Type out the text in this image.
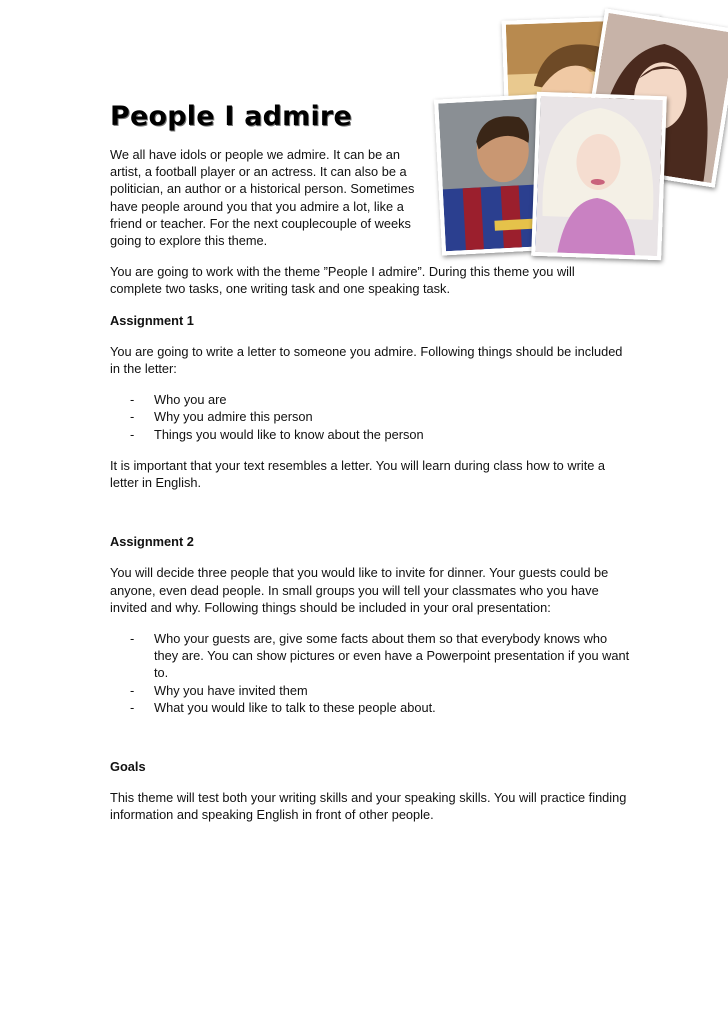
People I admire

We all have idols or people we admire. It can be an artist, a football player or an actress. It can also be a politician, an author or a historical person. Sometimes have people around you that you admire a lot, like a friend or teacher. For the next couplecouple of weeks

going to explore this theme.

You are going to work with the theme ”People I admire”. During this theme you will complete two tasks, one writing task and one speaking task.

Assignment 1

You are going to write a letter to someone you admire. Following things should be included in the letter:

- Who you are
- Why you admire this person
- Things you would like to know about the person

It is important that your text resembles a letter. You will learn during class how to write a letter in English.

Assignment 2

You will decide three people that you would like to invite for dinner. Your guests could be anyone, even dead people. In small groups you will tell your classmates who you have invited and why. Following things should be included in your oral presentation:

- Who your guests are, give some facts about them so that everybody knows who they are. You can show pictures or even have a Powerpoint presentation if you want to.
- Why you have invited them
- What you would like to talk to these people about.
Goals

This theme will test both your writing skills and your speaking skills. You will practice finding information and speaking English in front of other people.
